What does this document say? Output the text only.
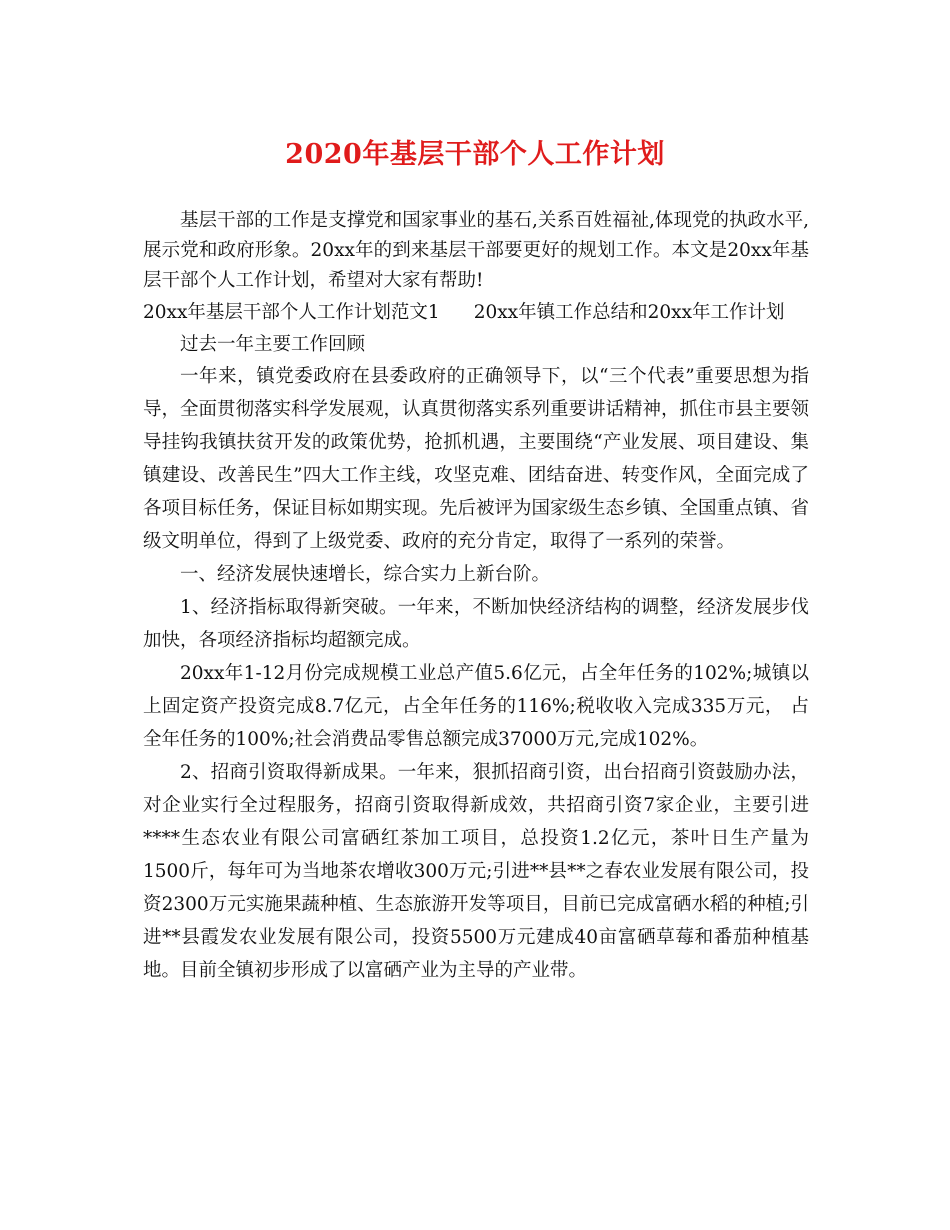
2020年基层干部个人工作计划

基层干部的工作是支撑党和国家事业的基石,关系百姓福祉,体现党的执政水平,展示党和政府形象。20xx年的到来基层干部要更好的规划工作。本文是20xx年基层干部个人工作计划，希望对大家有帮助!

20xx年基层干部个人工作计划范文1 20xx年镇工作总结和20xx年工作计划

过去一年主要工作回顾

一年来，镇党委政府在县委政府的正确领导下，以“三个代表”重要思想为指导，全面贯彻落实科学发展观，认真贯彻落实系列重要讲话精神，抓住市县主要领导挂钩我镇扶贫开发的政策优势，抢抓机遇，主要围绕“产业发展、项目建设、集镇建设、改善民生”四大工作主线，攻坚克难、团结奋进、转变作风，全面完成了各项目标任务，保证目标如期实现。先后被评为国家级生态乡镇、全国重点镇、省级文明单位，得到了上级党委、政府的充分肯定，取得了一系列的荣誉。

一、经济发展快速增长，综合实力上新台阶。

1、经济指标取得新突破。一年来，不断加快经济结构的调整，经济发展步伐加快，各项经济指标均超额完成。

20xx年1-12月份完成规模工业总产值5.6亿元，占全年任务的102%;城镇以上固定资产投资完成8.7亿元，占全年任务的116%;税收收入完成335万元， 占全年任务的100%;社会消费品零售总额完成37000万元,完成102%。

2、招商引资取得新成果。一年来，狠抓招商引资，出台招商引资鼓励办法，对企业实行全过程服务，招商引资取得新成效，共招商引资7家企业，主要引进****生态农业有限公司富硒红茶加工项目，总投资1.2亿元，茶叶日生产量为1500斤，每年可为当地茶农增收300万元;引进**县**之春农业发展有限公司，投资2300万元实施果蔬种植、生态旅游开发等项目，目前已完成富硒水稻的种植;引进**县霞发农业发展有限公司，投资5500万元建成40亩富硒草莓和番茄种植基地。目前全镇初步形成了以富硒产业为主导的产业带。
